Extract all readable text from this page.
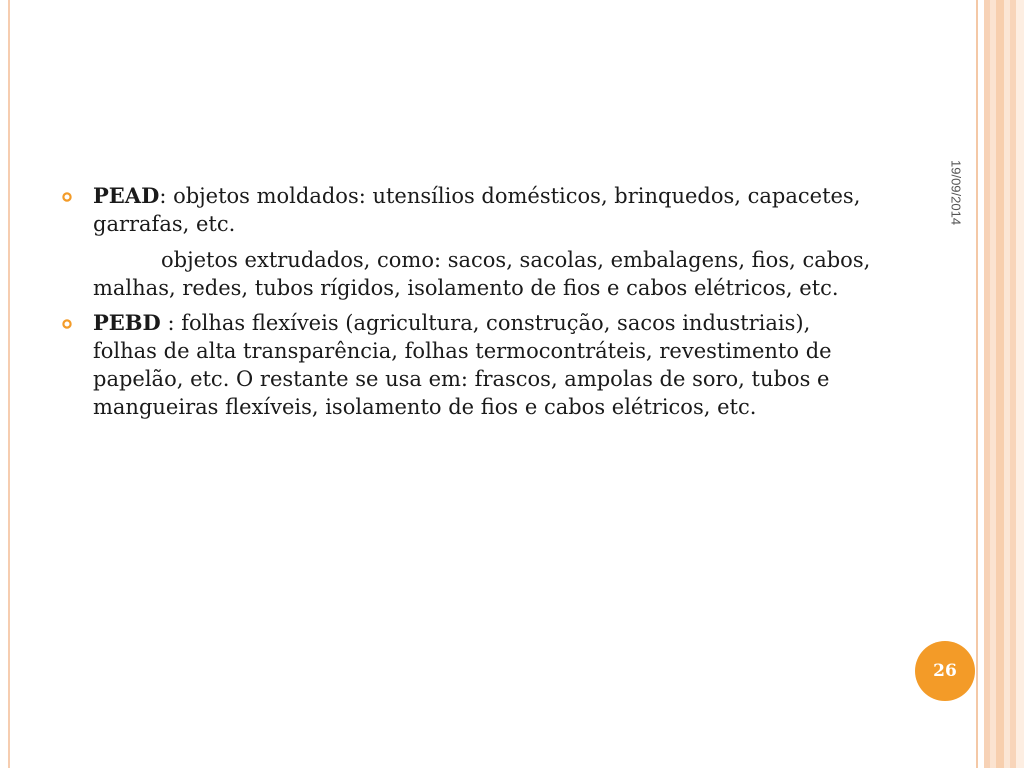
19/09/2014

PEAD: objetos moldados: utensílios domésticos, brinquedos, capacetes, garrafas, etc.

objetos extrudados, como: sacos, sacolas, embalagens, fios, cabos, malhas, redes, tubos rígidos, isolamento de fios e cabos elétricos, etc.

PEBD : folhas flexíveis (agricultura, construção, sacos industriais), folhas de alta transparência, folhas termocontráteis, revestimento de papelão, etc. O restante se usa em: frascos, ampolas de soro, tubos e mangueiras flexíveis, isolamento de fios e cabos elétricos, etc.

26
